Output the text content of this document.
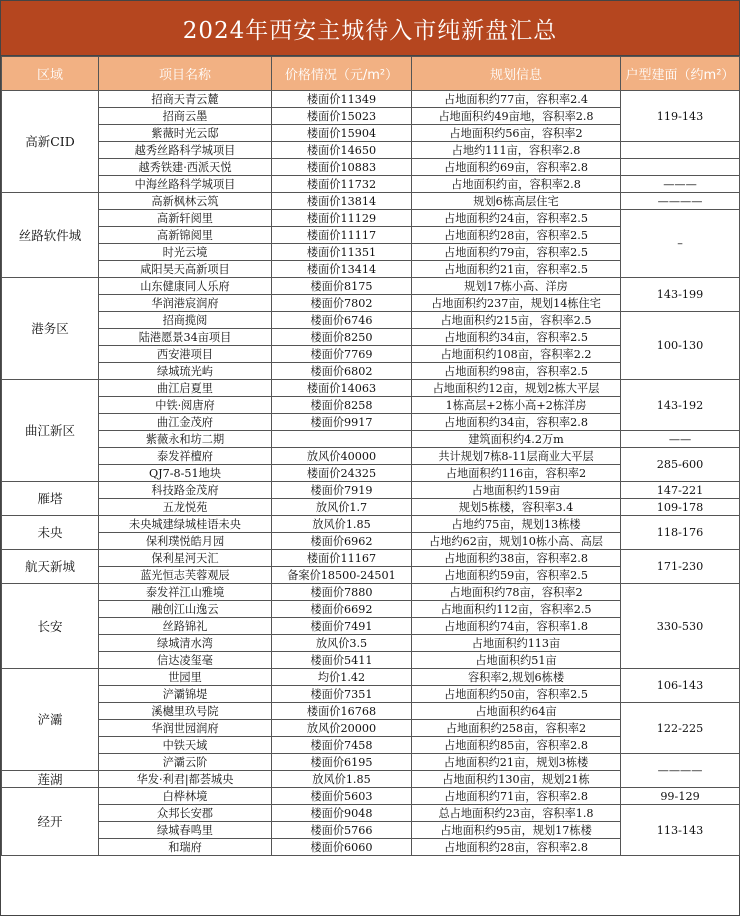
2024年西安主城待入市纯新盘汇总
区域	项目名称	价格情况（元/m²）	规划信息	户型建面（约m²）
高新CID	招商天青云麓	楼面价11349	占地面积约77亩，容积率2.4	119-143
	招商云墨	楼面价15023	占地面积约49亩地，容积率2.8	
	紫薇时光云邸	楼面价15904	占地面积约56亩，容积率2	
	越秀丝路科学城项目	楼面价14650	占地约111亩，容积率2.8	
	越秀铁建·西派天悦	楼面价10883	占地面积约69亩，容积率2.8	
	中海丝路科学城项目	楼面价11732	占地面积约亩，容积率2.8	———
丝路软件城	高新枫林云筑	楼面价13814	规划6栋高层住宅	————
	高新轩阅里	楼面价11129	占地面积约24亩，容积率2.5	–
	高新锦阅里	楼面价11117	占地面积约28亩，容积率2.5	
	时光云境	楼面价11351	占地面积约79亩，容积率2.5	
	咸阳昊天高新项目	楼面价13414	占地面积约21亩，容积率2.5	
港务区	山东健康同人乐府	楼面价8175	规划17栋小高、洋房	143-199
	华润港宸润府	楼面价7802	占地面积约237亩，规划14栋住宅	
	招商揽阅	楼面价6746	占地面积约215亩，容积率2.5	100-130
	陆港愿景34亩项目	楼面价8250	占地面积约34亩，容积率2.5	
	西安港项目	楼面价7769	占地面积约108亩，容积率2.2	
	绿城琉光屿	楼面价6802	占地面积约98亩，容积率2.5	
曲江新区	曲江启夏里	楼面价14063	占地面积约12亩，规划2栋大平层	143-192
	中铁·阅唐府	楼面价8258	1栋高层+2栋小高+2栋洋房	
	曲江金茂府	楼面价9917	占地面积约34亩，容积率2.8	
	紫薇永和坊二期		建筑面积约4.2万m	——
	泰发祥檀府	放风价40000	共计规划7栋8-11层商业大平层	285-600
	QJ7-8-51地块	楼面价24325	占地面积约116亩，容积率2	
雁塔	科技路金茂府	楼面价7919	占地面积约159亩	147-221
	五龙悦苑	放风价1.7	规划5栋楼，容积率3.4	109-178
未央	未央城建绿城桂语未央	放风价1.85	占地约75亩，规划13栋楼	118-176
	保利璞悦皓月园	楼面价6962	占地约62亩，规划10栋小高、高层	
航天新城	保利星河天汇	楼面价11167	占地面积约38亩，容积率2.8	171-230
	蓝光恒志芙蓉观辰	备案价18500-24501	占地面积约59亩，容积率2.5	
长安	泰发祥江山雅境	楼面价7880	占地面积约78亩，容积率2	330-530
	融创江山逸云	楼面价6692	占地面积约112亩，容积率2.5	
	丝路锦礼	楼面价7491	占地面积约74亩，容积率1.8	
	绿城清水湾	放风价3.5	占地面积约113亩	
	信达凌玺毫	楼面价5411	占地面积约51亩	
浐灞	世园里	均价1.42	容积率2,规划6栋楼	106-143
	浐灞锦堤	楼面价7351	占地面积约50亩，容积率2.5	
	溪樾里玖号院	楼面价16768	占地面积约64亩	122-225
	华润世园润府	放风价20000	占地面积约258亩，容积率2	
	中铁天域	楼面价7458	占地面积约85亩，容积率2.8	
	浐灞云阶	楼面价6195	占地面积约21亩，规划3栋楼	————
莲湖	华发·利君|都荟城央	放风价1.85	占地面积约130亩，规划21栋	
经开	白桦林境	楼面价5603	占地面积约71亩，容积率2.8	99-129
	众邦长安郡	楼面价9048	总占地面积约23亩，容积率1.8	113-143
	绿城春鸣里	楼面价5766	占地面积约95亩，规划17栋楼	
	和瑞府	楼面价6060	占地面积约28亩，容积率2.8	
